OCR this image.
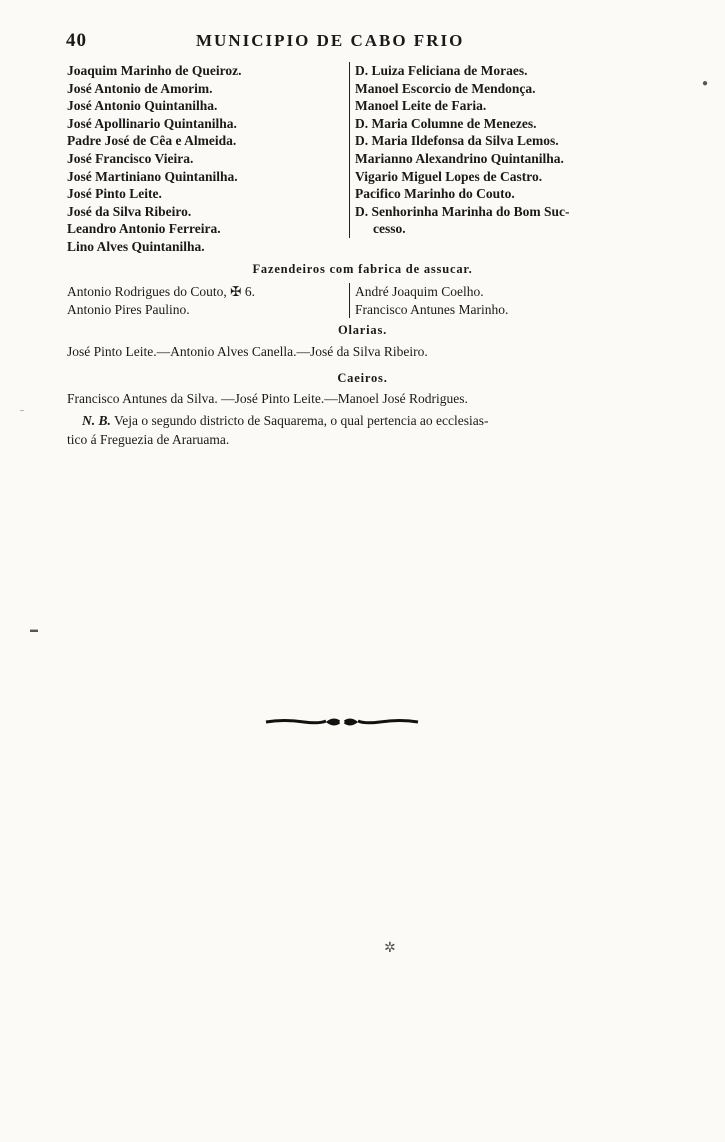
40	MUNICIPIO DE CABO FRIO
Joaquim Marinho de Queiroz.
José Antonio de Amorim.
José Antonio Quintanilha.
José Apollinario Quintanilha.
Padre José de Cêa e Almeida.
José Francisco Vieira.
José Martiniano Quintanilha.
José Pinto Leite.
José da Silva Ribeiro.
Leandro Antonio Ferreira.
Lino Alves Quintanilha.
D. Luiza Feliciana de Moraes.
Manoel Escorcio de Mendonça.
Manoel Leite de Faria.
D. Maria Columne de Menezes.
D. Maria Ildefonsa da Silva Lemos.
Marianno Alexandrino Quintanilha.
Vigario Miguel Lopes de Castro.
Pacifico Marinho do Couto.
D. Senhorinha Marinha do Bom Suc-
cesso.
Fazendeiros com fabrica de assucar.
Antonio Rodrigues do Couto, ✠ 6.
Antonio Pires Paulino.
André Joaquim Coelho.
Francisco Antunes Marinho.
Olarias.
José Pinto Leite.—Antonio Alves Canella.—José da Silva Ribeiro.
Caeiros.
Francisco Antunes da Silva. —José Pinto Leite.—Manoel José Rodrigues.
N. B. Veja o segundo districto de Saquarema, o qual pertencia ao ecclesias-
tico á Freguezia de Araruama.
●
▬
✲
–
